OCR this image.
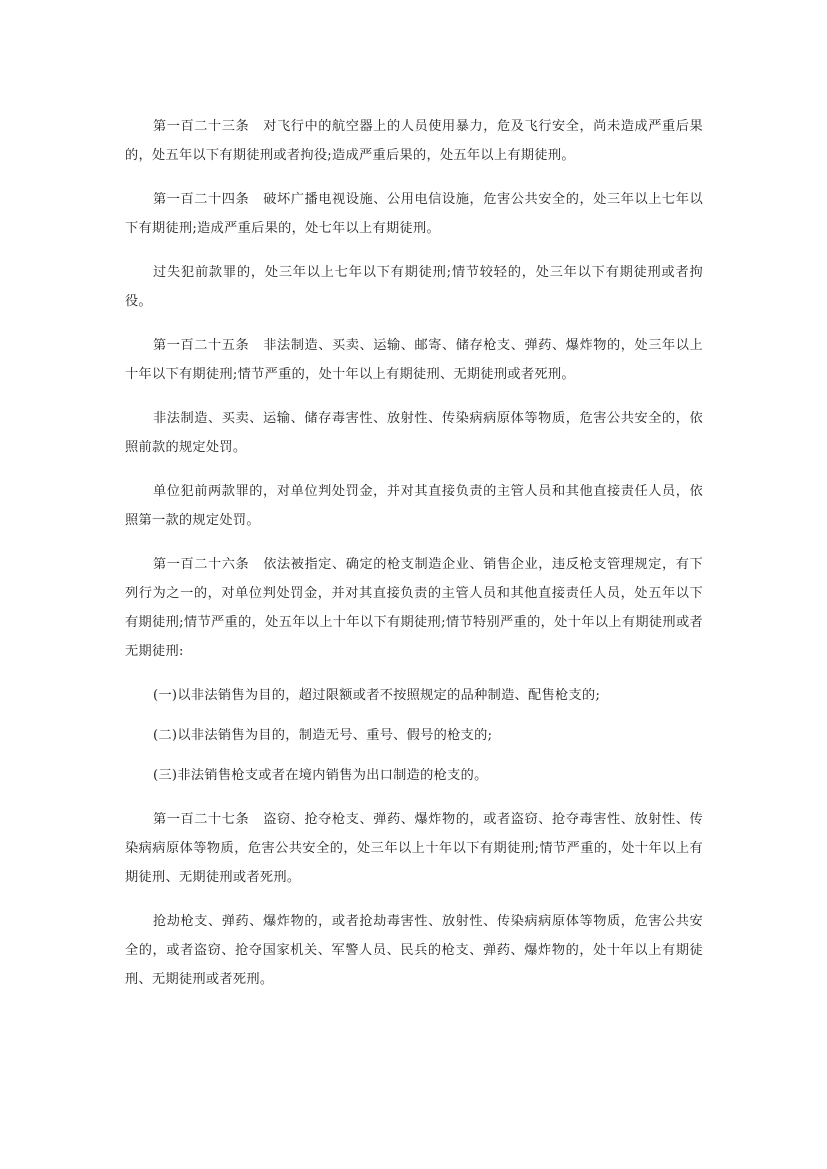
第一百二十三条 对飞行中的航空器上的人员使用暴力，危及飞行安全，尚未造成严重后果的，处五年以下有期徒刑或者拘役;造成严重后果的，处五年以上有期徒刑。

第一百二十四条 破坏广播电视设施、公用电信设施，危害公共安全的，处三年以上七年以下有期徒刑;造成严重后果的，处七年以上有期徒刑。

过失犯前款罪的，处三年以上七年以下有期徒刑;情节较轻的，处三年以下有期徒刑或者拘役。

第一百二十五条 非法制造、买卖、运输、邮寄、储存枪支、弹药、爆炸物的，处三年以上十年以下有期徒刑;情节严重的，处十年以上有期徒刑、无期徒刑或者死刑。

非法制造、买卖、运输、储存毒害性、放射性、传染病病原体等物质，危害公共安全的，依照前款的规定处罚。

单位犯前两款罪的，对单位判处罚金，并对其直接负责的主管人员和其他直接责任人员，依照第一款的规定处罚。

第一百二十六条 依法被指定、确定的枪支制造企业、销售企业，违反枪支管理规定，有下列行为之一的，对单位判处罚金，并对其直接负责的主管人员和其他直接责任人员，处五年以下有期徒刑;情节严重的，处五年以上十年以下有期徒刑;情节特别严重的，处十年以上有期徒刑或者无期徒刑:

(一)以非法销售为目的，超过限额或者不按照规定的品种制造、配售枪支的;

(二)以非法销售为目的，制造无号、重号、假号的枪支的;

(三)非法销售枪支或者在境内销售为出口制造的枪支的。

第一百二十七条 盗窃、抢夺枪支、弹药、爆炸物的，或者盗窃、抢夺毒害性、放射性、传染病病原体等物质，危害公共安全的，处三年以上十年以下有期徒刑;情节严重的，处十年以上有期徒刑、无期徒刑或者死刑。

抢劫枪支、弹药、爆炸物的，或者抢劫毒害性、放射性、传染病病原体等物质，危害公共安全的，或者盗窃、抢夺国家机关、军警人员、民兵的枪支、弹药、爆炸物的，处十年以上有期徒刑、无期徒刑或者死刑。
